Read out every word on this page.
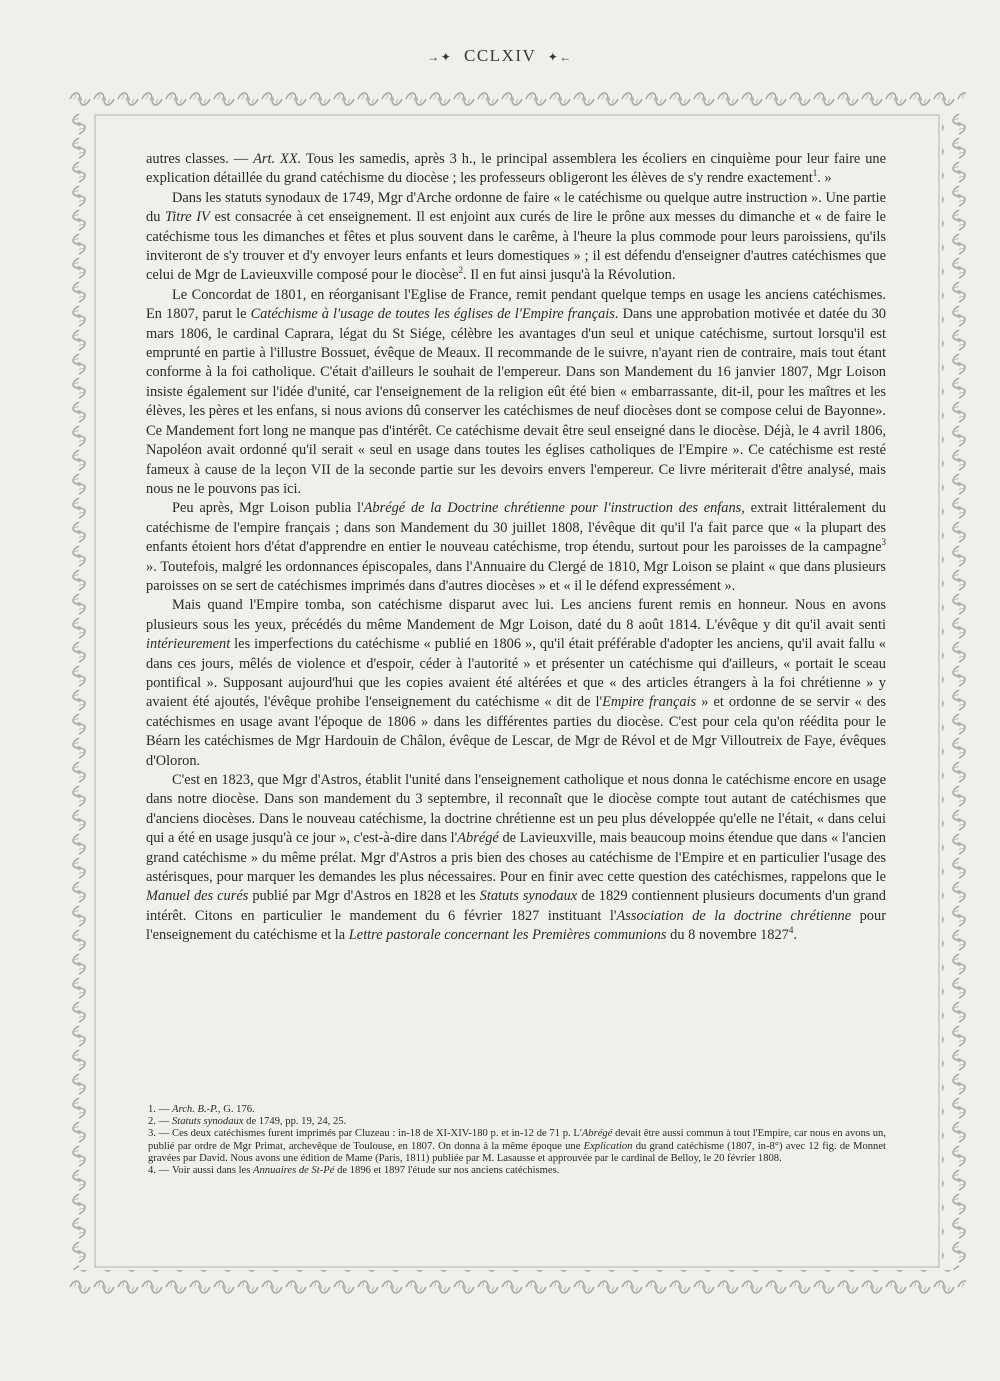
→✦ CCLXIV ✦←

autres classes. — Art. XX. Tous les samedis, après 3 h., le principal assemblera les écoliers en cinquième pour leur faire une explication détaillée du grand catéchisme du diocèse ; les professeurs obligeront les élèves de s'y rendre exactement$^1$. »

Dans les statuts synodaux de 1749, Mgr d'Arche ordonne de faire « le catéchisme ou quelque autre instruction ». Une partie du Titre IV est consacrée à cet enseignement. Il est enjoint aux curés de lire le prône aux messes du dimanche et « de faire le catéchisme tous les dimanches et fêtes et plus souvent dans le carême, à l'heure la plus commode pour leurs paroissiens, qu'ils inviteront de s'y trouver et d'y envoyer leurs enfants et leurs domestiques » ; il est défendu d'enseigner d'autres catéchismes que celui de Mgr de Lavieuxville composé pour le diocèse$^2$. Il en fut ainsi jusqu'à la Révolution.

Le Concordat de 1801, en réorganisant l'Eglise de France, remit pendant quelque temps en usage les anciens catéchismes. En 1807, parut le Catéchisme à l'usage de toutes les églises de l'Empire français. Dans une approbation motivée et datée du 30 mars 1806, le cardinal Caprara, légat du St Siége, célèbre les avantages d'un seul et unique catéchisme, surtout lorsqu'il est emprunté en partie à l'illustre Bossuet, évêque de Meaux. Il recommande de le suivre, n'ayant rien de contraire, mais tout étant conforme à la foi catholique. C'était d'ailleurs le souhait de l'empereur. Dans son Mandement du 16 janvier 1807, Mgr Loison insiste également sur l'idée d'unité, car l'enseignement de la religion eût été bien « embarrassante, dit-il, pour les maîtres et les élèves, les pères et les enfans, si nous avions dû conserver les catéchismes de neuf diocèses dont se compose celui de Bayonne». Ce Mandement fort long ne manque pas d'intérêt. Ce catéchisme devait être seul enseigné dans le diocèse. Déjà, le 4 avril 1806, Napoléon avait ordonné qu'il serait « seul en usage dans toutes les églises catholiques de l'Empire ». Ce catéchisme est resté fameux à cause de la leçon VII de la seconde partie sur les devoirs envers l'empereur. Ce livre mériterait d'être analysé, mais nous ne le pouvons pas ici.

Peu après, Mgr Loison publia l'Abrégé de la Doctrine chrétienne pour l'instruction des enfans, extrait littéralement du catéchisme de l'empire français ; dans son Mandement du 30 juillet 1808, l'évêque dit qu'il l'a fait parce que « la plupart des enfants étoient hors d'état d'apprendre en entier le nouveau catéchisme, trop étendu, surtout pour les paroisses de la campagne$^3$ ». Toutefois, malgré les ordonnances épiscopales, dans l'Annuaire du Clergé de 1810, Mgr Loison se plaint « que dans plusieurs paroisses on se sert de catéchismes imprimés dans d'autres diocèses » et « il le défend expressément ».

Mais quand l'Empire tomba, son catéchisme disparut avec lui. Les anciens furent remis en honneur. Nous en avons plusieurs sous les yeux, précédés du même Mandement de Mgr Loison, daté du 8 août 1814. L'évêque y dit qu'il avait senti intérieurement les imperfections du catéchisme « publié en 1806 », qu'il était préférable d'adopter les anciens, qu'il avait fallu « dans ces jours, mêlés de violence et d'espoir, céder à l'autorité » et présenter un catéchisme qui d'ailleurs, « portait le sceau pontifical ». Supposant aujourd'hui que les copies avaient été altérées et que « des articles étrangers à la foi chrétienne » y avaient été ajoutés, l'évêque prohibe l'enseignement du catéchisme « dit de l'Empire français » et ordonne de se servir « des catéchismes en usage avant l'époque de 1806 » dans les différentes parties du diocèse. C'est pour cela qu'on réédita pour le Béarn les catéchismes de Mgr Hardouin de Châlon, évêque de Lescar, de Mgr de Révol et de Mgr Villoutreix de Faye, évêques d'Oloron.

C'est en 1823, que Mgr d'Astros, établit l'unité dans l'enseignement catholique et nous donna le catéchisme encore en usage dans notre diocèse. Dans son mandement du 3 septembre, il reconnaît que le diocèse compte tout autant de catéchismes que d'anciens diocèses. Dans le nouveau catéchisme, la doctrine chrétienne est un peu plus développée qu'elle ne l'était, « dans celui qui a été en usage jusqu'à ce jour », c'est-à-dire dans l'Abrégé de Lavieuxville, mais beaucoup moins étendue que dans « l'ancien grand catéchisme » du même prélat. Mgr d'Astros a pris bien des choses au catéchisme de l'Empire et en particulier l'usage des astérisques, pour marquer les demandes les plus nécessaires. Pour en finir avec cette question des catéchismes, rappelons que le Manuel des curés publié par Mgr d'Astros en 1828 et les Statuts synodaux de 1829 contiennent plusieurs documents d'un grand intérêt. Citons en particulier le mandement du 6 février 1827 instituant l'Association de la doctrine chrétienne pour l'enseignement du catéchisme et la Lettre pastorale concernant les Premières communions du 8 novembre 1827$^4$.

1. —Arch. B.-P., G. 176.

2. —Statuts synodaux de 1749, pp. 19, 24, 25.

3. —Ces deux catéchismes furent imprimés par Cluzeau : in-18 de XI-XIV-180 p. et in-12 de 71 p. L'Abrégé devait être aussi commun à tout l'Empire, car nous en avons un, publié par ordre de Mgr Primat, archevêque de Toulouse, en 1807. On donna à la même époque une Explication du grand catéchisme (1807, in-8°) avec 12 fig. de Monnet gravées par David. Nous avons une édition de Mame (Paris, 1811) publiée par M. Lasausse et approuvée par le cardinal de Belloy, le 20 février 1808.

4. —Voir aussi dans les Annuaires de St-Pé de 1896 et 1897 l'étude sur nos anciens catéchismes.
